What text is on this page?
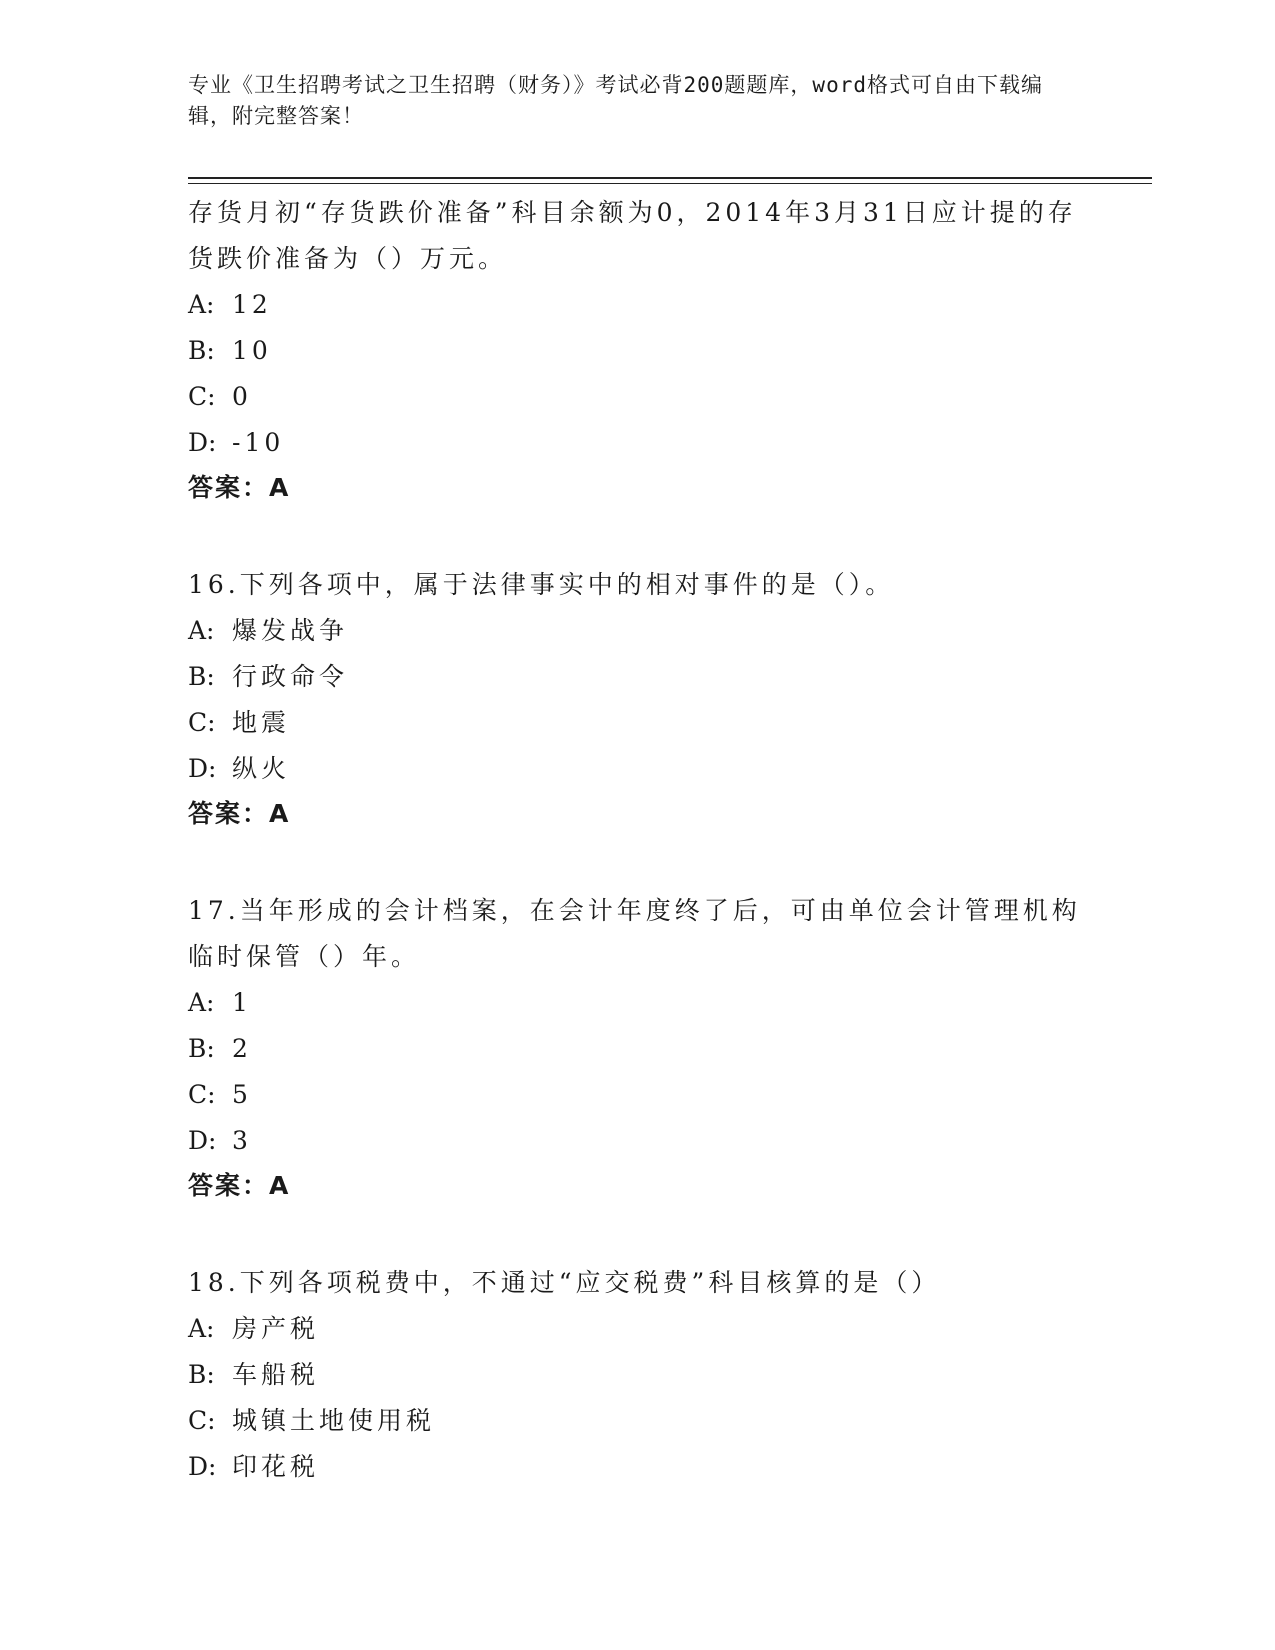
专业《卫生招聘考试之卫生招聘（财务）》考试必背200题题库，word格式可自由下载编辑，附完整答案！

存货月初“存货跌价准备”科目余额为0，2014年3月31日应计提的存货跌价准备为（）万元。

A: 12
B: 10
C: 0
D: -10

答案：A

16.下列各项中，属于法律事实中的相对事件的是（）。

A: 爆发战争
B: 行政命令
C: 地震
D: 纵火

答案：A

17.当年形成的会计档案，在会计年度终了后，可由单位会计管理机构临时保管（）年。

A: 1
B: 2
C: 5
D: 3

答案：A

18.下列各项税费中，不通过“应交税费”科目核算的是（）

A: 房产税
B: 车船税
C: 城镇土地使用税
D: 印花税
